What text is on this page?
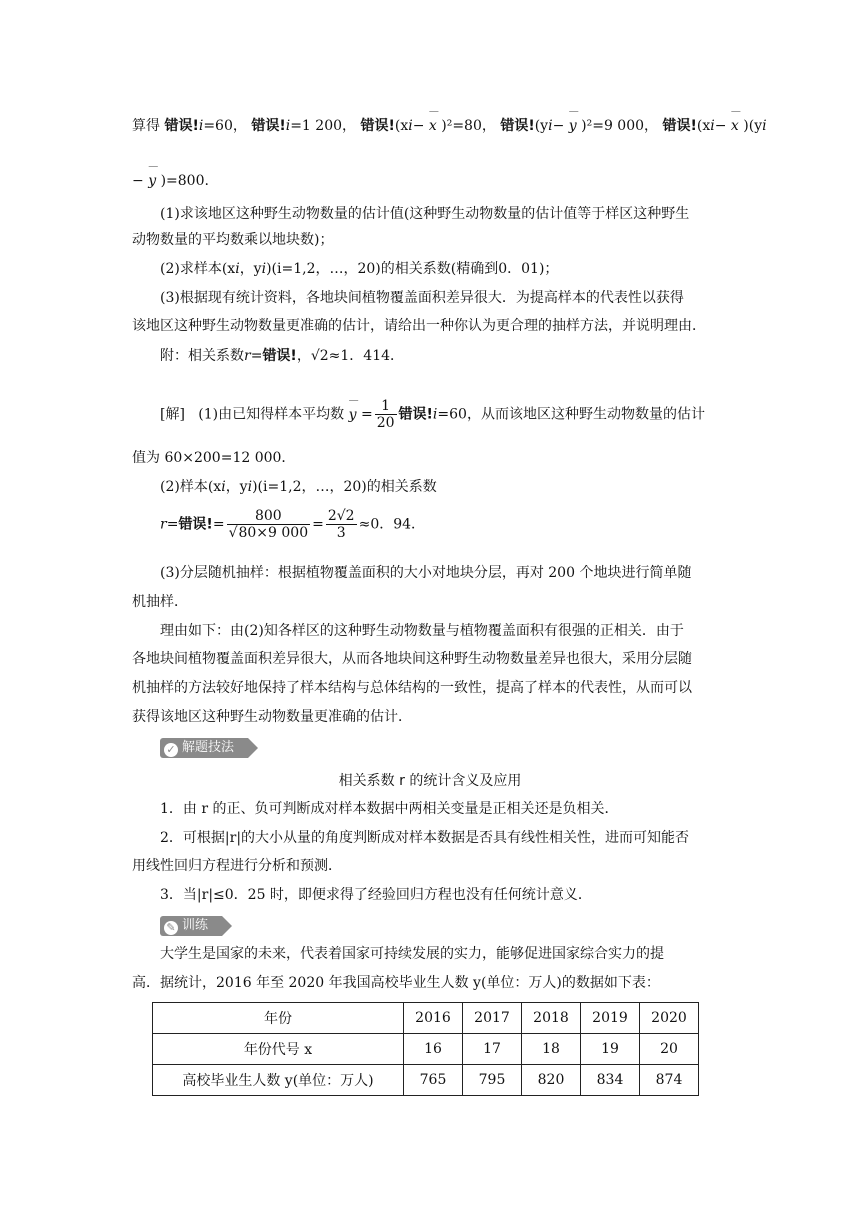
算得 错误!i=60， 错误!i=1 200， 错误!(xi− — x )²=80， 错误!(yi− — y )²=9 000， 错误!(xi− — x )(yi
− — y )=800.
(1)求该地区这种野生动物数量的估计值(这种野生动物数量的估计值等于样区这种野生
动物数量的平均数乘以地块数)；
(2)求样本(xi，yi)(i=1,2，…，20)的相关系数(精确到0．01)；
(3)根据现有统计资料，各地块间植物覆盖面积差异很大．为提高样本的代表性以获得
该地区这种野生动物数量更准确的估计，请给出一种你认为更合理的抽样方法，并说明理由．
附：相关系数r=错误!，√2≈1．414．
[解] (1)由已知得样本平均数 — $y = \frac{1}{20}$ 错误!i=60，从而该地区这种野生动物数量的估计
值为 60×200=12 000．
(2)样本(xi，yi)(i=1,2，…，20)的相关系数
r=错误!= $\frac{800}{√80\times 9 000} = \frac{2√2}{3} \approx 0$．94．
(3)分层随机抽样：根据植物覆盖面积的大小对地块分层，再对 200 个地块进行简单随
机抽样．
理由如下：由(2)知各样区的这种野生动物数量与植物覆盖面积有很强的正相关．由于
各地块间植物覆盖面积差异很大，从而各地块间这种野生动物数量差异也很大，采用分层随
机抽样的方法较好地保持了样本结构与总体结构的一致性，提高了样本的代表性，从而可以
获得该地区这种野生动物数量更准确的估计．
✓ 解题技法
相关系数 r 的统计含义及应用
1．由 r 的正、负可判断成对样本数据中两相关变量是正相关还是负相关．
2．可根据|r|的大小从量的角度判断成对样本数据是否具有线性相关性，进而可知能否
用线性回归方程进行分析和预测．
3．当|r|≤0．25 时，即便求得了经验回归方程也没有任何统计意义．
✎ 训练
大学生是国家的未来，代表着国家可持续发展的实力，能够促进国家综合实力的提
高．据统计，2016 年至 2020 年我国高校毕业生人数 y(单位：万人)的数据如下表：
年份	2016	2017	2018	2019	2020
年份代号 x	16	17	18	19	20
高校毕业生人数 y(单位：万人)	765	795	820	834	874
